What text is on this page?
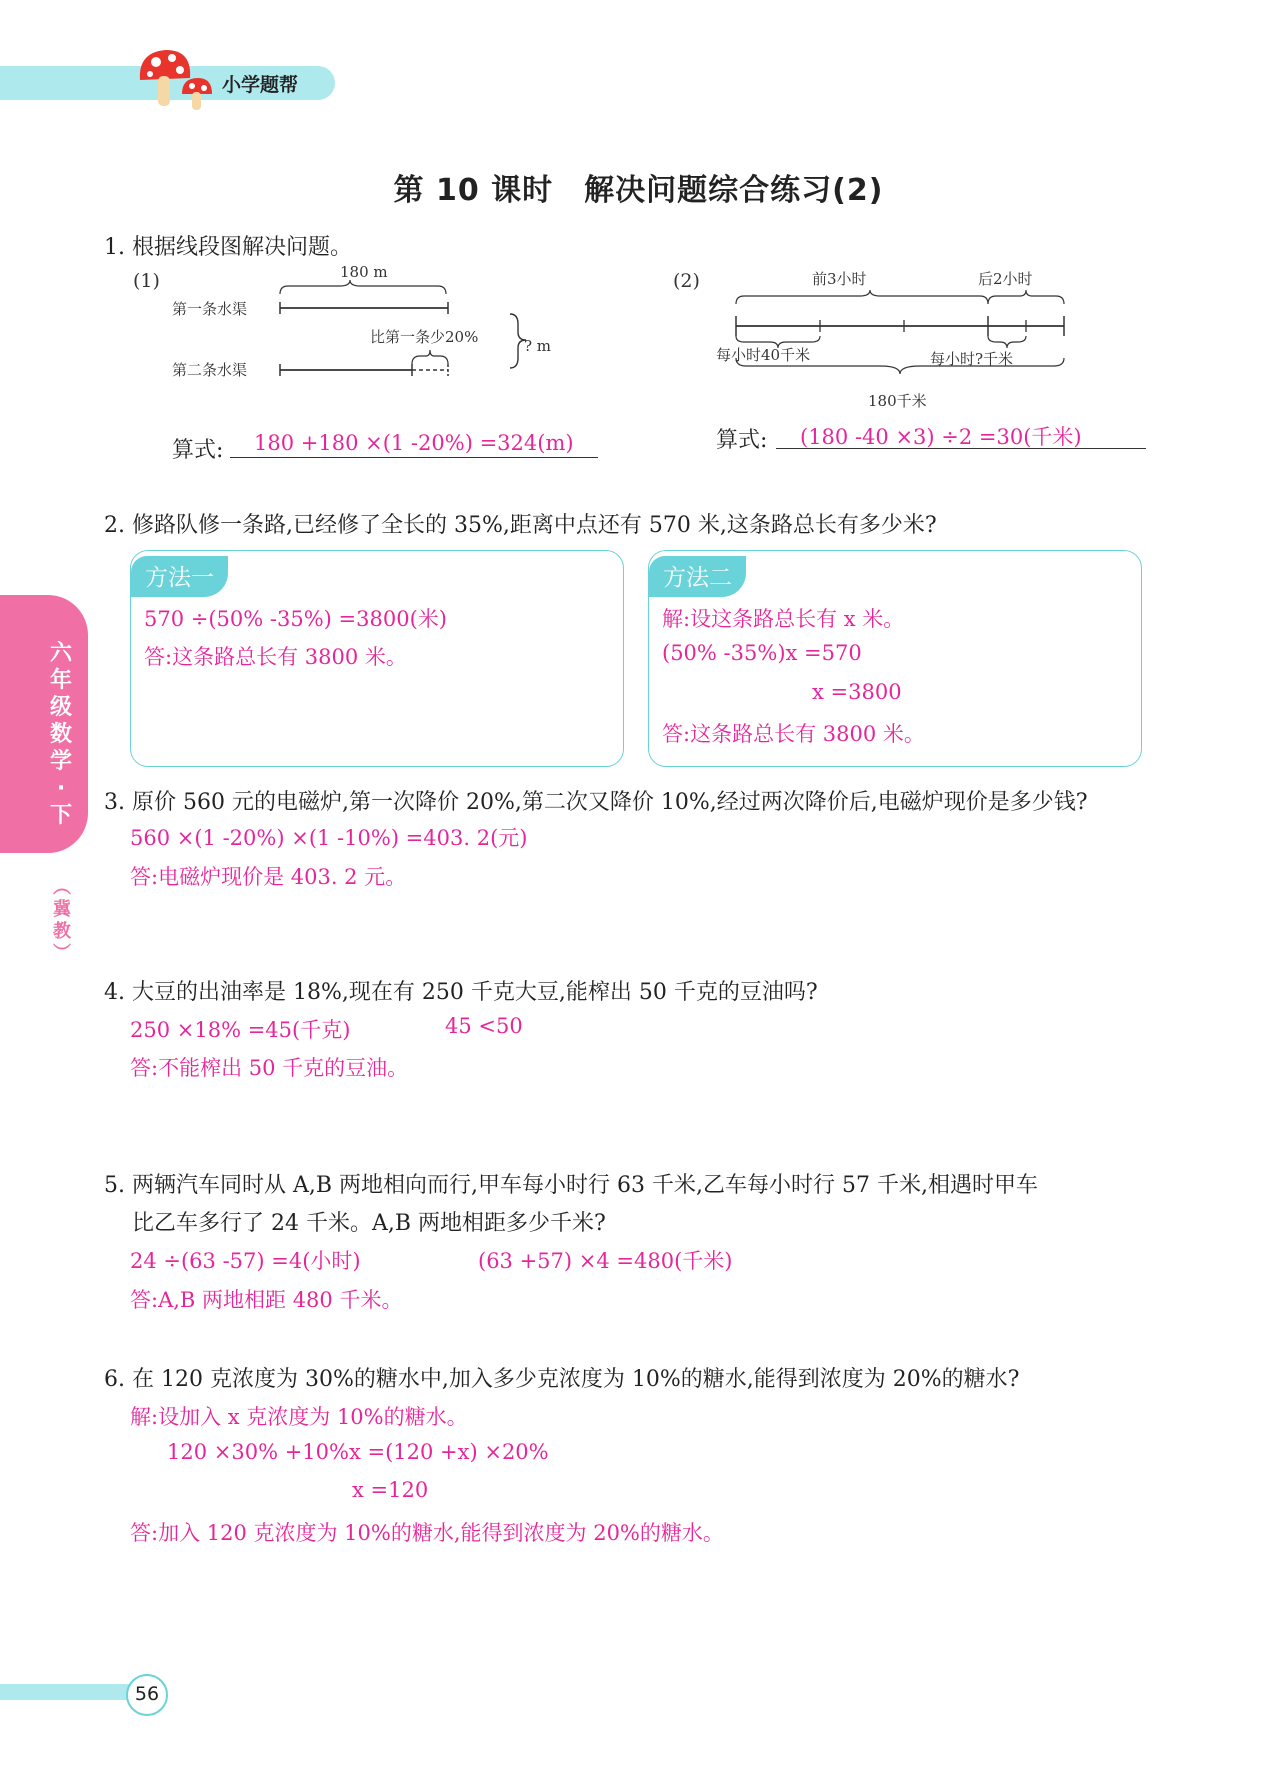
小学题帮
第 10 课时　解决问题综合练习(2)
六
年
级
数
学
·
下
︵
冀
教
︶
1. 根据线段图解决问题。
(1)	180 m
第一条水渠
第二条水渠
比第一条少20%	? m
算式: 180 +180 ×(1 -20%) =324(m)
(2)	前3小时	后2小时
每小时40千米	每小时?千米
180千米
算式: (180 -40 ×3) ÷2 =30(千米)
2. 修路队修一条路,已经修了全长的 35%,距离中点还有 570 米,这条路总长有多少米?
方法一
570 ÷(50% -35%) =3800(米)
答:这条路总长有 3800 米。
方法二
解:设这条路总长有 x 米。
(50% -35%)x =570
x =3800
答:这条路总长有 3800 米。
3. 原价 560 元的电磁炉,第一次降价 20%,第二次又降价 10%,经过两次降价后,电磁炉现价是多少钱?
560 ×(1 -20%) ×(1 -10%) =403. 2(元)
答:电磁炉现价是 403. 2 元。
4. 大豆的出油率是 18%,现在有 250 千克大豆,能榨出 50 千克的豆油吗?
250 ×18% =45(千克)	45 <50
答:不能榨出 50 千克的豆油。
5. 两辆汽车同时从 A,B 两地相向而行,甲车每小时行 63 千米,乙车每小时行 57 千米,相遇时甲车
比乙车多行了 24 千米。A,B 两地相距多少千米?
24 ÷(63 -57) =4(小时)	(63 +57) ×4 =480(千米)
答:A,B 两地相距 480 千米。
6. 在 120 克浓度为 30%的糖水中,加入多少克浓度为 10%的糖水,能得到浓度为 20%的糖水?
解:设加入 x 克浓度为 10%的糖水。
120 ×30% +10%x =(120 +x) ×20%
x =120
答:加入 120 克浓度为 10%的糖水,能得到浓度为 20%的糖水。
56
